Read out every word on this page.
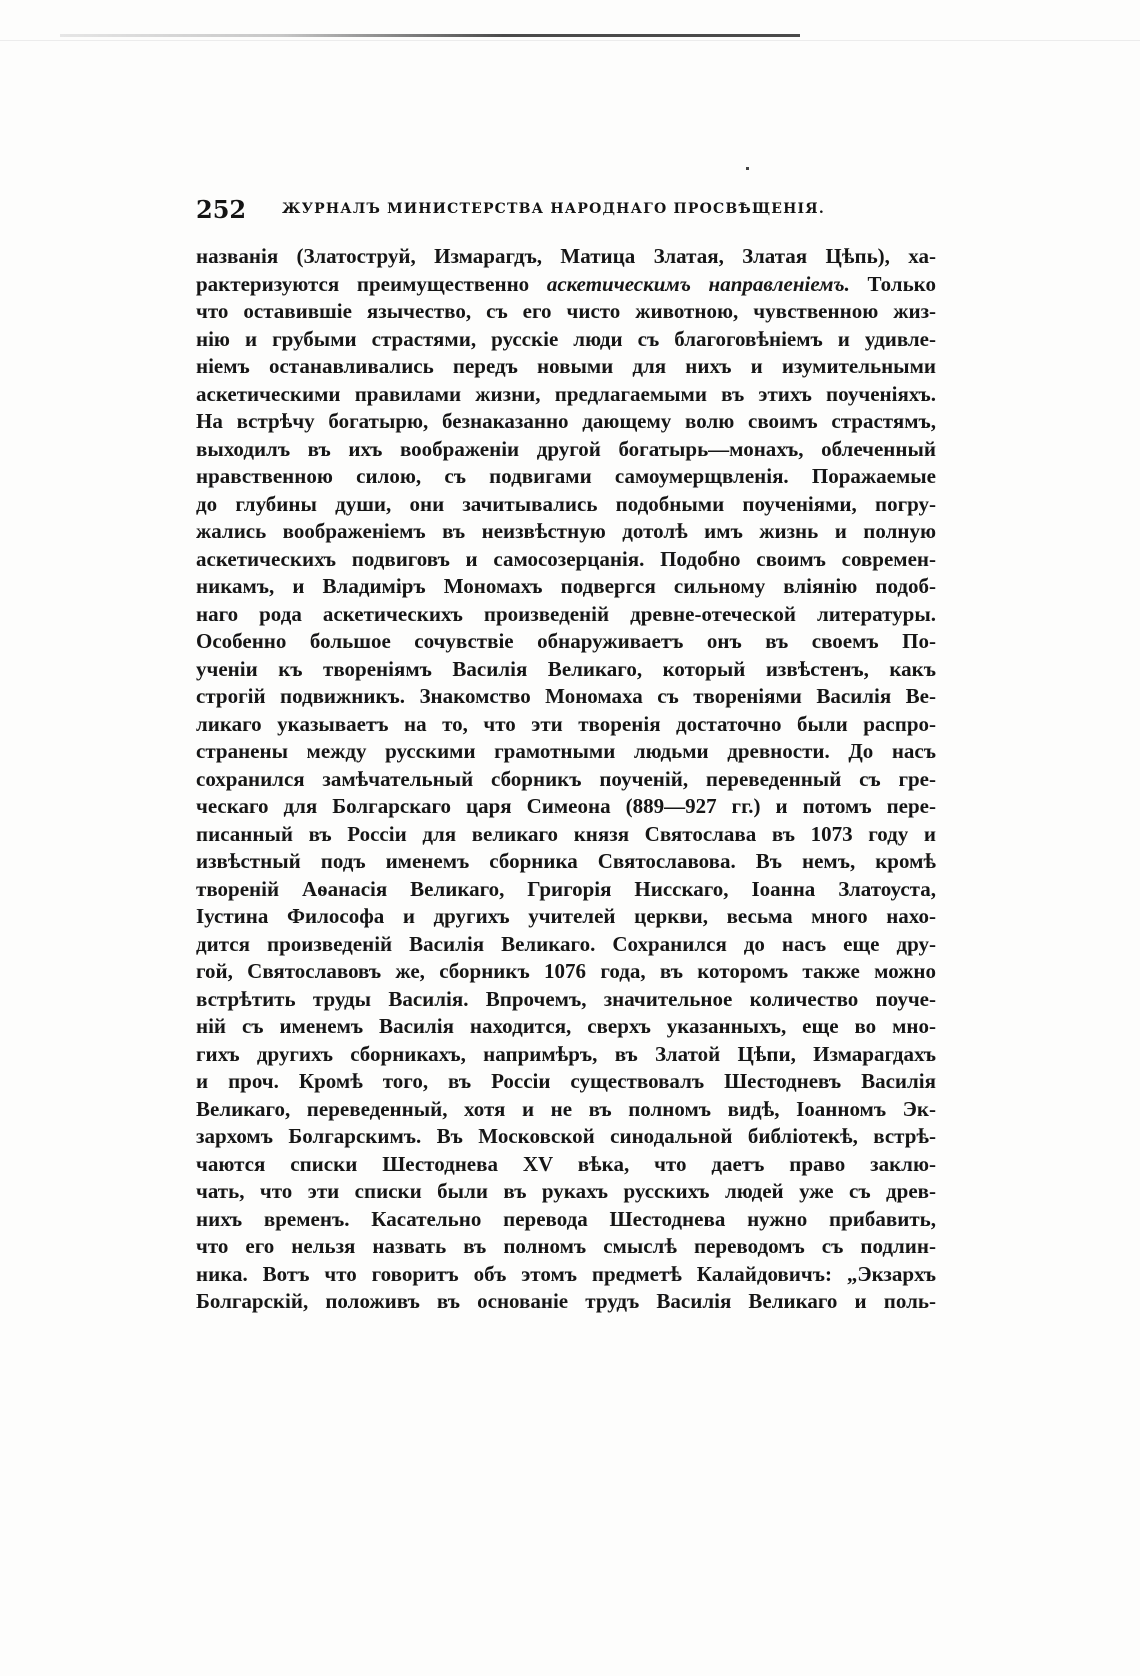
252	ЖУРНАЛЪ МИНИСТЕРСТВА НАРОДНАГО ПРОСВѢЩЕНІЯ.
названія (Златоструй, Измарагдъ, Матица Златая, Златая Цѣпь), ха-
рактеризуются преимущественно аскетическимъ направленіемъ. Только
что оставившіе язычество, съ его чисто животною, чувственною жиз-
нію и грубыми страстями, русскіе люди съ благоговѣніемъ и удивле-
ніемъ останавливались передъ новыми для нихъ и изумительными
аскетическими правилами жизни, предлагаемыми въ этихъ поученіяхъ.
На встрѣчу богатырю, безнаказанно дающему волю своимъ страстямъ,
выходилъ въ ихъ воображеніи другой богатырь—монахъ, облеченный
нравственною силою, съ подвигами самоумерщвленія. Поражаемые
до глубины души, они зачитывались подобными поученіями, погру-
жались воображеніемъ въ неизвѣстную дотолѣ имъ жизнь и полную
аскетическихъ подвиговъ и самосозерцанія. Подобно своимъ современ-
никамъ, и Владиміръ Мономахъ подвергся сильному вліянію подоб-
наго рода аскетическихъ произведеній древне-отеческой литературы.
Особенно большое сочувствіе обнаруживаетъ онъ въ своемъ По-
ученіи къ твореніямъ Василія Великаго, который извѣстенъ, какъ
строгій подвижникъ. Знакомство Мономаха съ твореніями Василія Ве-
ликаго указываетъ на то, что эти творенія достаточно были распро-
странены между русскими грамотными людьми древности. До насъ
сохранился замѣчательный сборникъ поученій, переведенный съ гре-
ческаго для Болгарскаго царя Симеона (889—927 гг.) и потомъ пере-
писанный въ Россіи для великаго князя Святослава въ 1073 году и
извѣстный подъ именемъ сборника Святославова. Въ немъ, кромѣ
твореній Аѳанасія Великаго, Григорія Нисскаго, Іоанна Златоуста,
Іустина Философа и другихъ учителей церкви, весьма много нахо-
дится произведеній Василія Великаго. Сохранился до насъ еще дру-
гой, Святославовъ же, сборникъ 1076 года, въ которомъ также можно
встрѣтить труды Василія. Впрочемъ, значительное количество поуче-
ній съ именемъ Василія находится, сверхъ указанныхъ, еще во мно-
гихъ другихъ сборникахъ, напримѣръ, въ Златой Цѣпи, Измарагдахъ
и проч. Кромѣ того, въ Россіи существовалъ Шестодневъ Василія
Великаго, переведенный, хотя и не въ полномъ видѣ, Іоанномъ Эк-
зархомъ Болгарскимъ. Въ Московской синодальной библіотекѣ, встрѣ-
чаются списки Шестоднева XV вѣка, что даетъ право заклю-
чать, что эти списки были въ рукахъ русскихъ людей уже съ древ-
нихъ временъ. Касательно перевода Шестоднева нужно прибавить,
что его нельзя назвать въ полномъ смыслѣ переводомъ съ подлин-
ника. Вотъ что говоритъ объ этомъ предметѣ Калайдовичъ: „Экзархъ
Болгарскій, положивъ въ основаніе трудъ Василія Великаго и поль-
